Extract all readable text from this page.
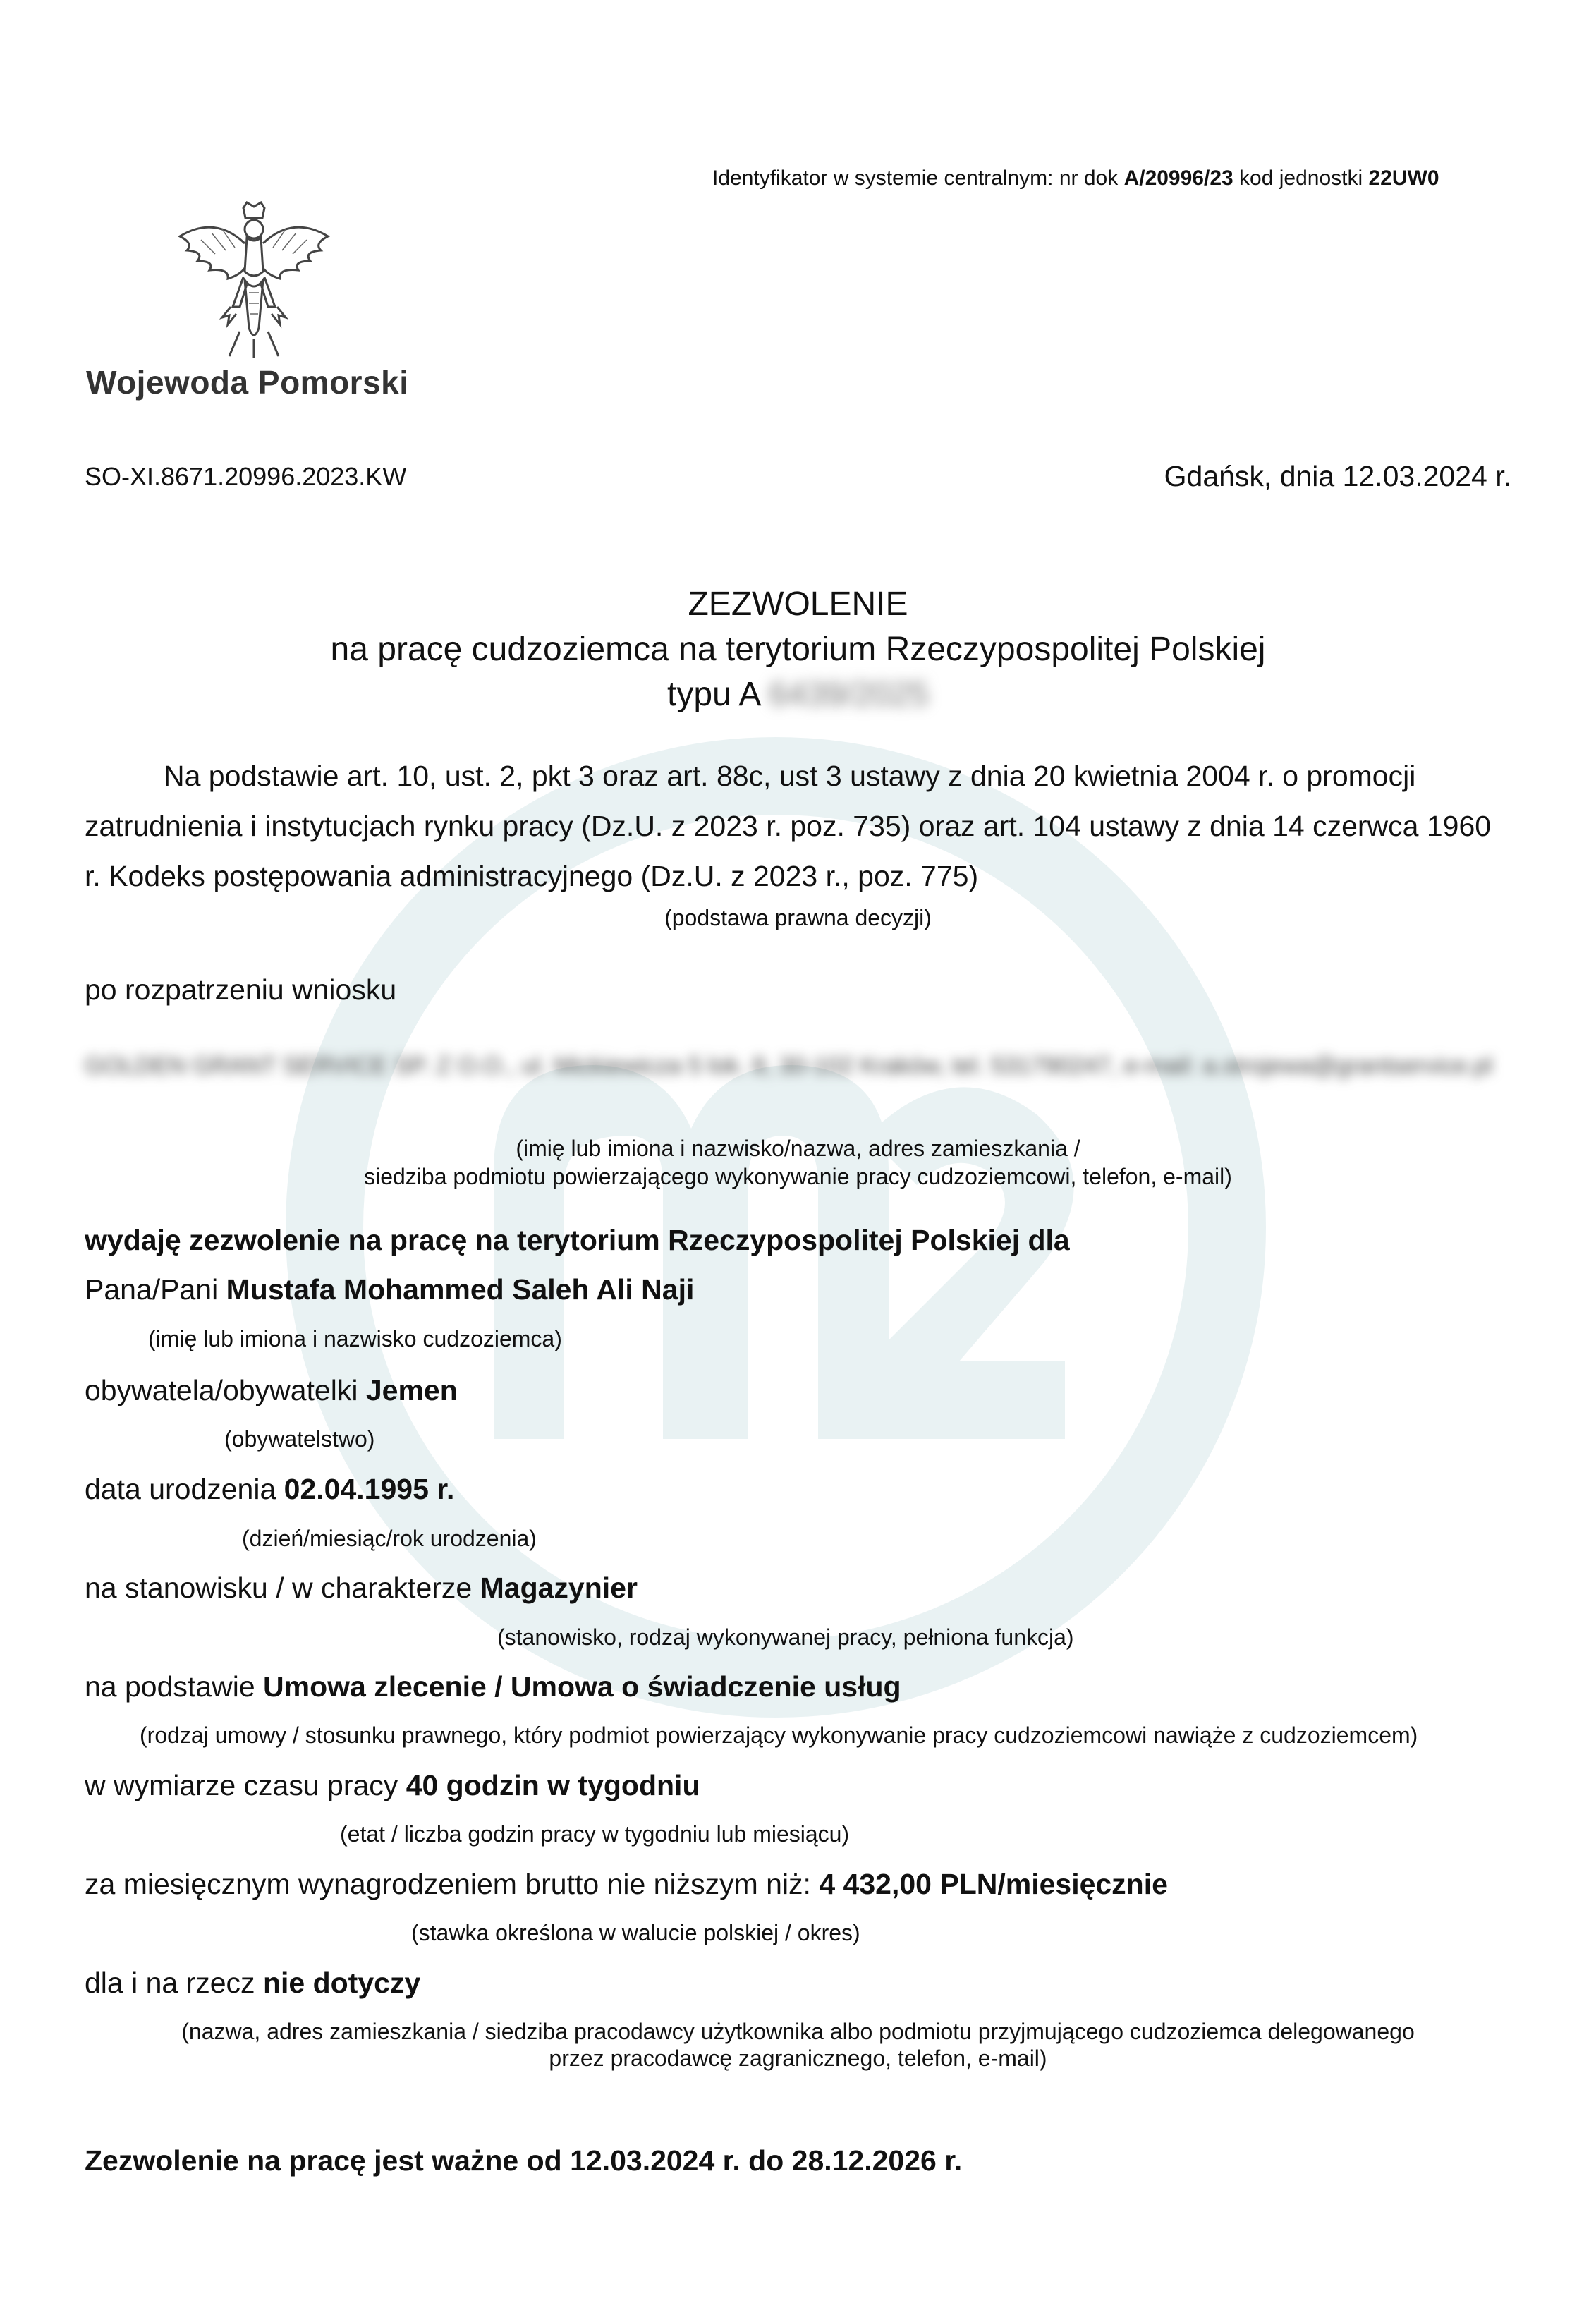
Identyfikator w systemie centralnym: nr dok A/20996/23 kod jednostki 22UW0
Wojewoda Pomorski
SO-XI.8671.20996.2023.KW	Gdańsk, dnia 12.03.2024 r.
ZEZWOLENIE
na pracę cudzoziemca na terytorium Rzeczypospolitej Polskiej
typu A 6439/2025
Na podstawie art. 10, ust. 2, pkt 3 oraz art. 88c, ust 3 ustawy z dnia 20 kwietnia 2004 r. o promocji zatrudnienia i instytucjach rynku pracy (Dz.U. z 2023 r. poz. 735) oraz art. 104 ustawy z dnia 14 czerwca 1960 r. Kodeks postępowania administracyjnego (Dz.U. z 2023 r., poz. 775)
(podstawa prawna decyzji)
po rozpatrzeniu wniosku
GOLDEN GRANT SERVICE SP. Z O.O., ul. Mickiewicza 5 lok. 8, 30-102 Kraków, tel. 531790247, e-mail: a.strojewa@grantservice.pl
(imię lub imiona i nazwisko/nazwa, adres zamieszkania /
siedziba podmiotu powierzającego wykonywanie pracy cudzoziemcowi, telefon, e-mail)
wydaję zezwolenie na pracę na terytorium Rzeczypospolitej Polskiej dla
Pana/Pani Mustafa Mohammed Saleh Ali Naji
(imię lub imiona i nazwisko cudzoziemca)
obywatela/obywatelki Jemen
(obywatelstwo)
data urodzenia 02.04.1995 r.
(dzień/miesiąc/rok urodzenia)
na stanowisku / w charakterze Magazynier
(stanowisko, rodzaj wykonywanej pracy, pełniona funkcja)
na podstawie Umowa zlecenie / Umowa o świadczenie usług
(rodzaj umowy / stosunku prawnego, który podmiot powierzający wykonywanie pracy cudzoziemcowi nawiąże z cudzoziemcem)
w wymiarze czasu pracy 40 godzin w tygodniu
(etat / liczba godzin pracy w tygodniu lub miesiącu)
za miesięcznym wynagrodzeniem brutto nie niższym niż: 4 432,00 PLN/miesięcznie
(stawka określona w walucie polskiej / okres)
dla i na rzecz nie dotyczy
(nazwa, adres zamieszkania / siedziba pracodawcy użytkownika albo podmiotu przyjmującego cudzoziemca delegowanego
przez pracodawcę zagranicznego, telefon, e-mail)
Zezwolenie na pracę jest ważne od 12.03.2024 r. do 28.12.2026 r.
